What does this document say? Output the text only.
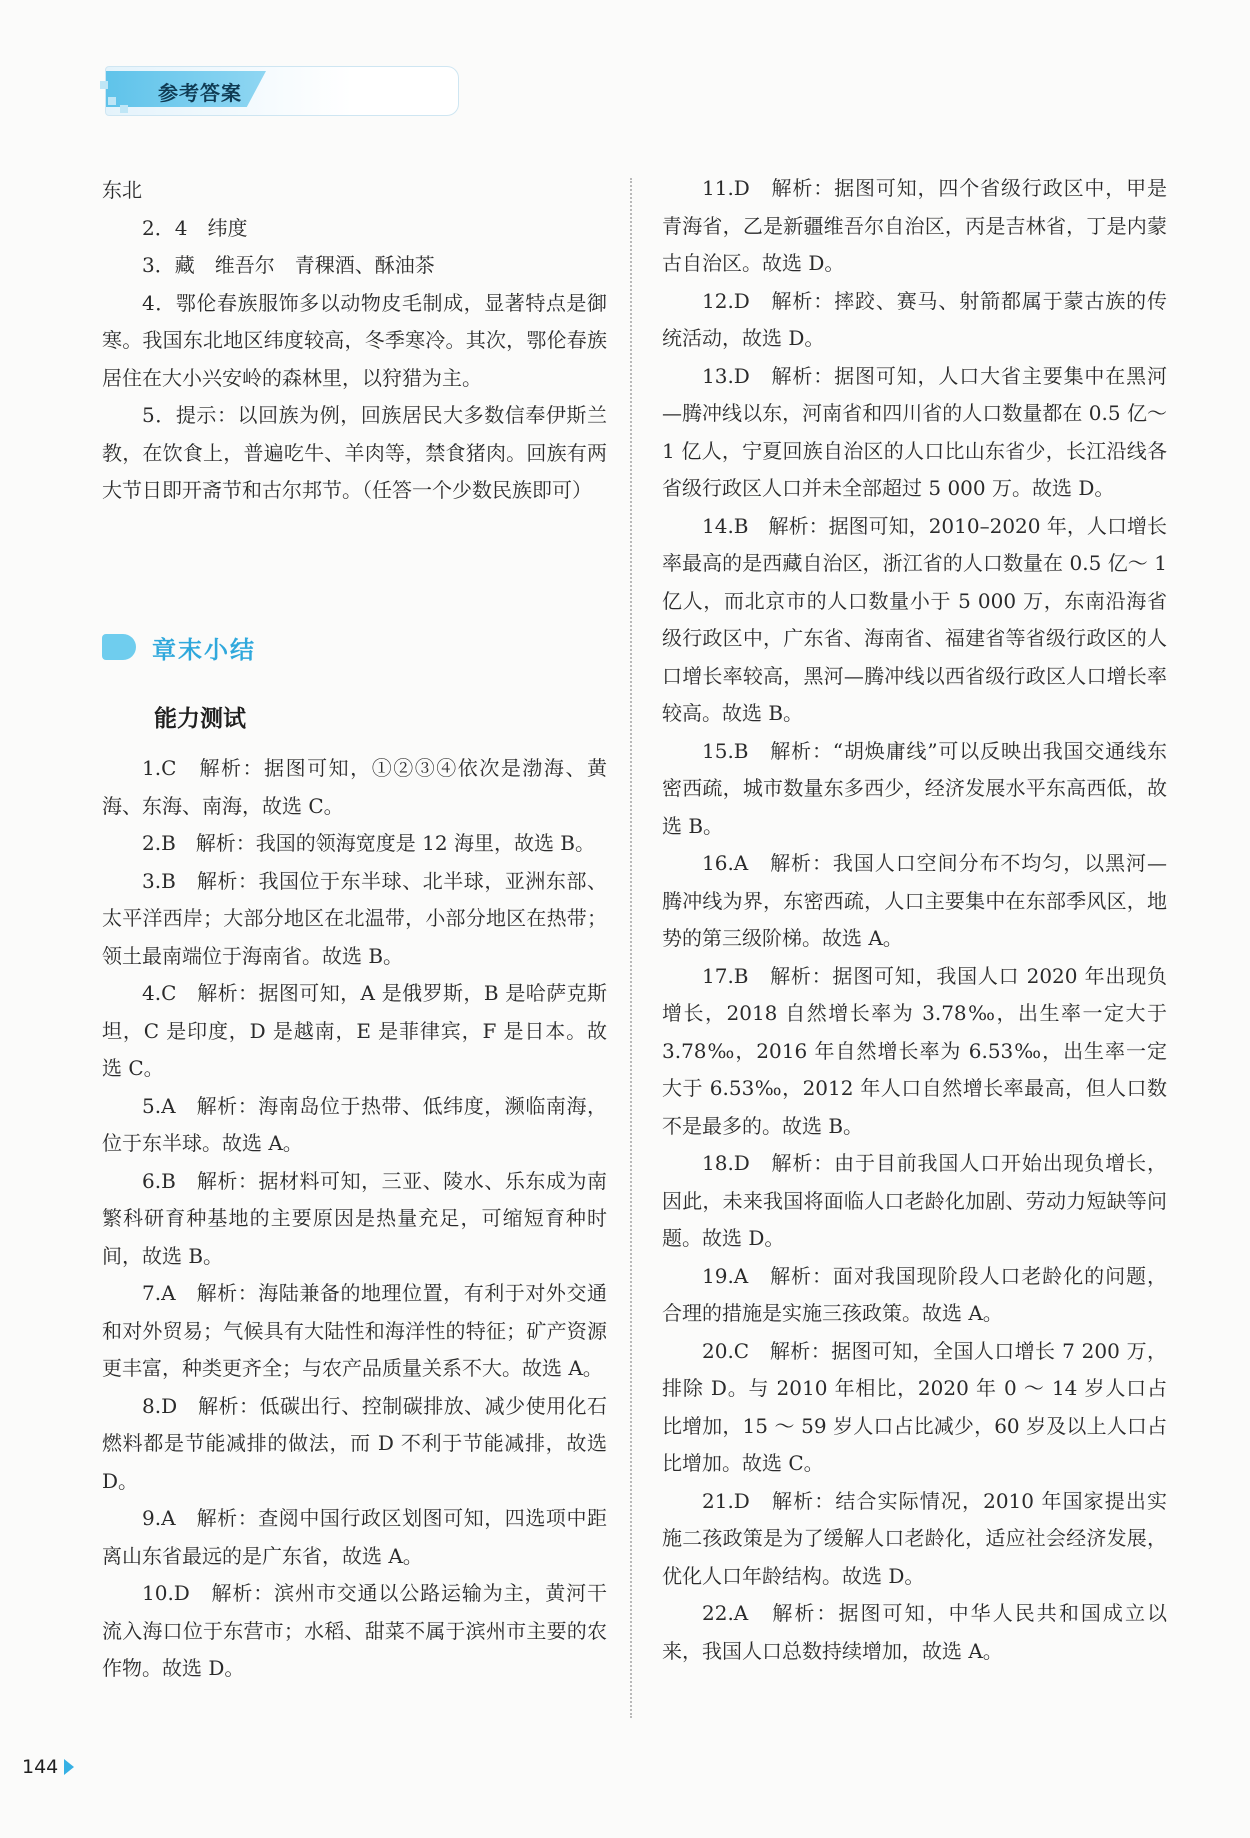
参考答案

东北

2．4　纬度

3．藏　维吾尔　青稞酒、酥油茶

4．鄂伦春族服饰多以动物皮毛制成，显著特点是御寒。我国东北地区纬度较高，冬季寒冷。其次，鄂伦春族居住在大小兴安岭的森林里，以狩猎为主。

5．提示：以回族为例，回族居民大多数信奉伊斯兰教，在饮食上，普遍吃牛、羊肉等，禁食猪肉。回族有两大节日即开斋节和古尔邦节。（任答一个少数民族即可）

章末小结
能力测试

1.C　解析：据图可知，①②③④依次是渤海、黄海、东海、南海，故选 C。

2.B　解析：我国的领海宽度是 12 海里，故选 B。

3.B　解析：我国位于东半球、北半球，亚洲东部、太平洋西岸；大部分地区在北温带，小部分地区在热带；领土最南端位于海南省。故选 B。

4.C　解析：据图可知，A 是俄罗斯，B 是哈萨克斯坦，C 是印度，D 是越南，E 是菲律宾，F 是日本。故选 C。

5.A　解析：海南岛位于热带、低纬度，濒临南海，位于东半球。故选 A。

6.B　解析：据材料可知，三亚、陵水、乐东成为南繁科研育种基地的主要原因是热量充足，可缩短育种时间，故选 B。

7.A　解析：海陆兼备的地理位置，有利于对外交通和对外贸易；气候具有大陆性和海洋性的特征；矿产资源更丰富，种类更齐全；与农产品质量关系不大。故选 A。

8.D　解析：低碳出行、控制碳排放、减少使用化石燃料都是节能减排的做法，而 D 不利于节能减排，故选 D。

9.A　解析：查阅中国行政区划图可知，四选项中距离山东省最远的是广东省，故选 A。

10.D　解析：滨州市交通以公路运输为主，黄河干流入海口位于东营市；水稻、甜菜不属于滨州市主要的农作物。故选 D。

11.D　解析：据图可知，四个省级行政区中，甲是青海省，乙是新疆维吾尔自治区，丙是吉林省，丁是内蒙古自治区。故选 D。

12.D　解析：摔跤、赛马、射箭都属于蒙古族的传统活动，故选 D。

13.D　解析：据图可知，人口大省主要集中在黑河—腾冲线以东，河南省和四川省的人口数量都在 0.5 亿～ 1 亿人，宁夏回族自治区的人口比山东省少，长江沿线各省级行政区人口并未全部超过 5 000 万。故选 D。

14.B　解析：据图可知，2010–2020 年，人口增长率最高的是西藏自治区，浙江省的人口数量在 0.5 亿～ 1 亿人，而北京市的人口数量小于 5 000 万，东南沿海省级行政区中，广东省、海南省、福建省等省级行政区的人口增长率较高，黑河—腾冲线以西省级行政区人口增长率较高。故选 B。

15.B　解析：“胡焕庸线”可以反映出我国交通线东密西疏，城市数量东多西少，经济发展水平东高西低，故选 B。

16.A　解析：我国人口空间分布不均匀，以黑河—腾冲线为界，东密西疏，人口主要集中在东部季风区，地势的第三级阶梯。故选 A。

17.B　解析：据图可知，我国人口 2020 年出现负增长，2018 自然增长率为 3.78‰，出生率一定大于 3.78‰，2016 年自然增长率为 6.53‰，出生率一定大于 6.53‰，2012 年人口自然增长率最高，但人口数不是最多的。故选 B。

18.D　解析：由于目前我国人口开始出现负增长，因此，未来我国将面临人口老龄化加剧、劳动力短缺等问题。故选 D。

19.A　解析：面对我国现阶段人口老龄化的问题，合理的措施是实施三孩政策。故选 A。

20.C　解析：据图可知，全国人口增长 7 200 万，排除 D。与 2010 年相比，2020 年 0 ～ 14 岁人口占比增加，15 ～ 59 岁人口占比减少，60 岁及以上人口占比增加。故选 C。

21.D　解析：结合实际情况，2010 年国家提出实施二孩政策是为了缓解人口老龄化，适应社会经济发展，优化人口年龄结构。故选 D。

22.A　解析：据图可知，中华人民共和国成立以来，我国人口总数持续增加，故选 A。

144
